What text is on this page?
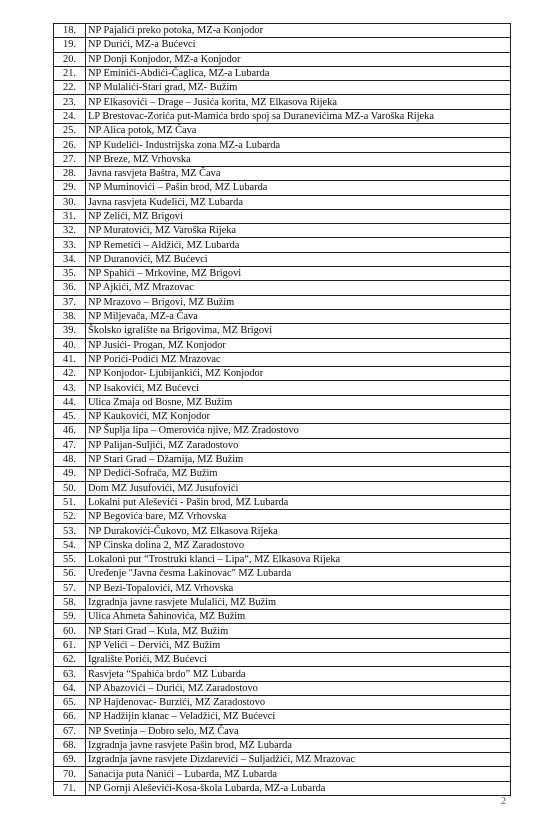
18.	NP Pajalići preko potoka, MZ-a Konjodor
19.	NP Durići, MZ-a Bućevci
20.	NP Donji Konjodor, MZ-a Konjodor
21.	NP Eminići-Abdići-Čaglica, MZ-a Lubarda
22.	NP Mulalići-Stari grad, MZ- Bužim
23.	NP Elkasovići – Drage – Jusića korita, MZ Elkasova Rijeka
24.	LP Brestovac-Zorića put-Mamića brdo spoj sa Duranevićima MZ-a Varoška Rijeka
25.	NP Alica potok, MZ Čava
26.	NP Kudelići- Industrijska zona MZ-a Lubarda
27.	NP Breze, MZ Vrhovska
28.	Javna rasvjeta Baštra, MZ Čava
29.	NP Muminovići – Pašin brod, MZ Lubarda
30.	Javna rasvjeta Kudelići, MZ Lubarda
31.	NP Zelići, MZ Brigovi
32.	NP Muratovići, MZ Varoška Rijeka
33.	NP Remetići – Aldžići, MZ Lubarda
34.	NP Duranovići, MZ Bućevci
35.	NP Spahići – Mrkovine, MZ Brigovi
36.	NP Ajkići, MZ Mrazovac
37.	NP Mrazovo – Brigovi, MZ Bužim
38.	NP Miljevača, MZ-a Čava
39.	Školsko igralište na Brigovima, MZ Brigovi
40.	NP Jusići- Progan, MZ Konjodor
41.	NP Porići-Podići MZ Mrazovac
42.	NP Konjodor- Ljubijankići, MZ Konjodor
43.	NP Isakovići, MZ Bućevci
44.	Ulica Zmaja od Bosne, MZ Bužim
45.	NP Kaukovići, MZ Konjodor
46.	NP Šuplja lipa – Omerovića njive, MZ Zradostovo
47.	NP Palijan-Suljići, MZ Zaradostovo
48.	NP Stari Grad – Džamija, MZ Bužim
49.	NP Dedići-Sofrača, MZ Bužim
50.	Dom MZ Jusufovići, MZ Jusufovići
51.	Lokalni put Aleševići - Pašin brod, MZ Lubarda
52.	NP Begovića bare, MZ Vrhovska
53.	NP Durakovići-Čukovo, MZ Elkasova Rijeka
54.	NP Cinska dolina 2, MZ Zaradostovo
55.	Lokaloni put “Trostruki klanci – Lipa“, MZ Elkasova Rijeka
56.	Uređenje "Javna česma Lakinovac" MZ Lubarda
57.	NP Bezi-Topalovići, MZ Vrhovska
58.	Izgradnja javne rasvjete Mulalići, MZ Bužim
59.	Ulica Ahmeta Šahinovića, MZ Bužim
60.	NP Stari Grad – Kula, MZ Bužim
61.	NP Velići – Dervići, MZ Bužim
62.	Igralište Porići, MZ Bućevci
63.	Rasvjeta “Spahića brdo” MZ Lubarda
64.	NP Abazovići – Durići, MZ Zaradostovo
65.	NP Hajdenovac- Burzići, MZ Zaradostovo
66.	NP Hadžijin klanac – Veladžići, MZ Bućevci
67.	NP Svetinja – Dobro selo, MZ Čava
68.	Izgradnja javne rasvjete Pašin brod, MZ Lubarda
69.	Izgradnja javne rasvjete Dizdarevići – Suljadžići, MZ Mrazovac
70.	Sanacija puta Nanići – Lubarda, MZ Lubarda
71.	NP Gornji Aleševići-Kosa-škola Lubarda, MZ-a Lubarda
2
